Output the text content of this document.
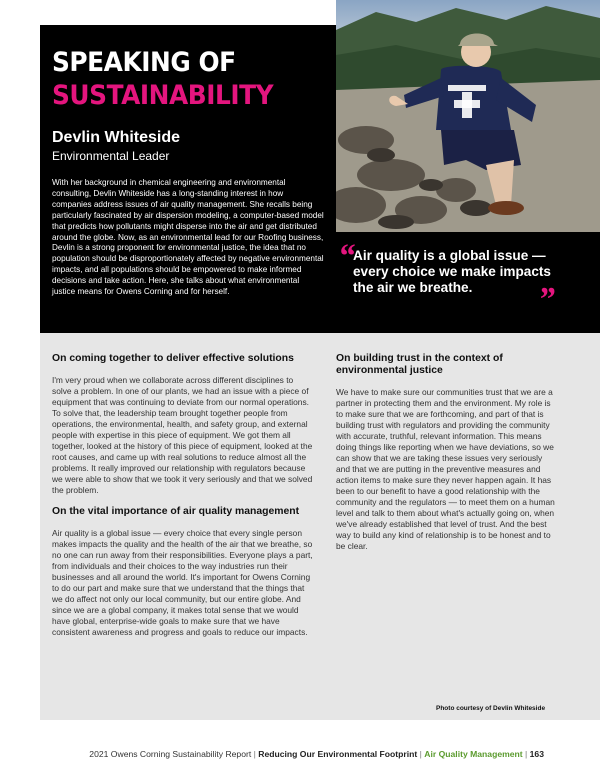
SPEAKING OF
SUSTAINABILITY
Devlin Whiteside
Environmental Leader

With her background in chemical engineering and environmental consulting, Devlin Whiteside has a long-standing interest in how companies address issues of air quality management. She recalls being particularly fascinated by air dispersion modeling, a computer-based model that predicts how pollutants might disperse into the air and get distributed around the globe. Now, as an environmental lead for our Roofing business, Devlin is a strong proponent for environmental justice, the idea that no population should be disproportionately affected by negative environmental impacts, and all populations should be empowered to make informed decisions and take action. Here, she talks about what environmental justice means for Owens Corning and for herself.

“
Air quality is a global issue — every choice we make impacts the air we breathe.	”
On coming together to deliver effective solutions

I'm very proud when we collaborate across different disciplines to solve a problem. In one of our plants, we had an issue with a piece of equipment that was continuing to deviate from our normal operations. To solve that, the leadership team brought together people from operations, the environmental, health, and safety group, and external people with expertise in this piece of equipment. We got them all together, looked at the history of this piece of equipment, looked at the root causes, and came up with real solutions to reduce almost all the problems. It really improved our relationship with regulators because we were able to show that we took it very seriously and that we solved the problem.

On the vital importance of air quality management

Air quality is a global issue — every choice that every single person makes impacts the quality and the health of the air that we breathe, so no one can run away from their responsibilities. Everyone plays a part, from individuals and their choices to the way industries run their businesses and all around the world. It's important for Owens Corning to do our part and make sure that we understand that the things that we do affect not only our local community, but our entire globe. And since we are a global company, it makes total sense that we would have global, enterprise-wide goals to make sure that we have consistent awareness and progress and goals to reduce our impacts.

On building trust in the context of environmental justice

We have to make sure our communities trust that we are a partner in protecting them and the environment. My role is to make sure that we are forthcoming, and part of that is building trust with regulators and providing the community with accurate, truthful, relevant information. This means doing things like reporting when we have deviations, so we can show that we are taking these issues very seriously and that we are putting in the preventive measures and action items to make sure they never happen again. It has been to our benefit to have a good relationship with the community and the regulators — to meet them on a human level and talk to them about what's actually going on, when we've already established that level of trust. And the best way to build any kind of relationship is to be honest and to be clear.

Photo courtesy of Devlin Whiteside
2021 Owens Corning Sustainability Report | Reducing Our Environmental Footprint | Air Quality Management | 163
